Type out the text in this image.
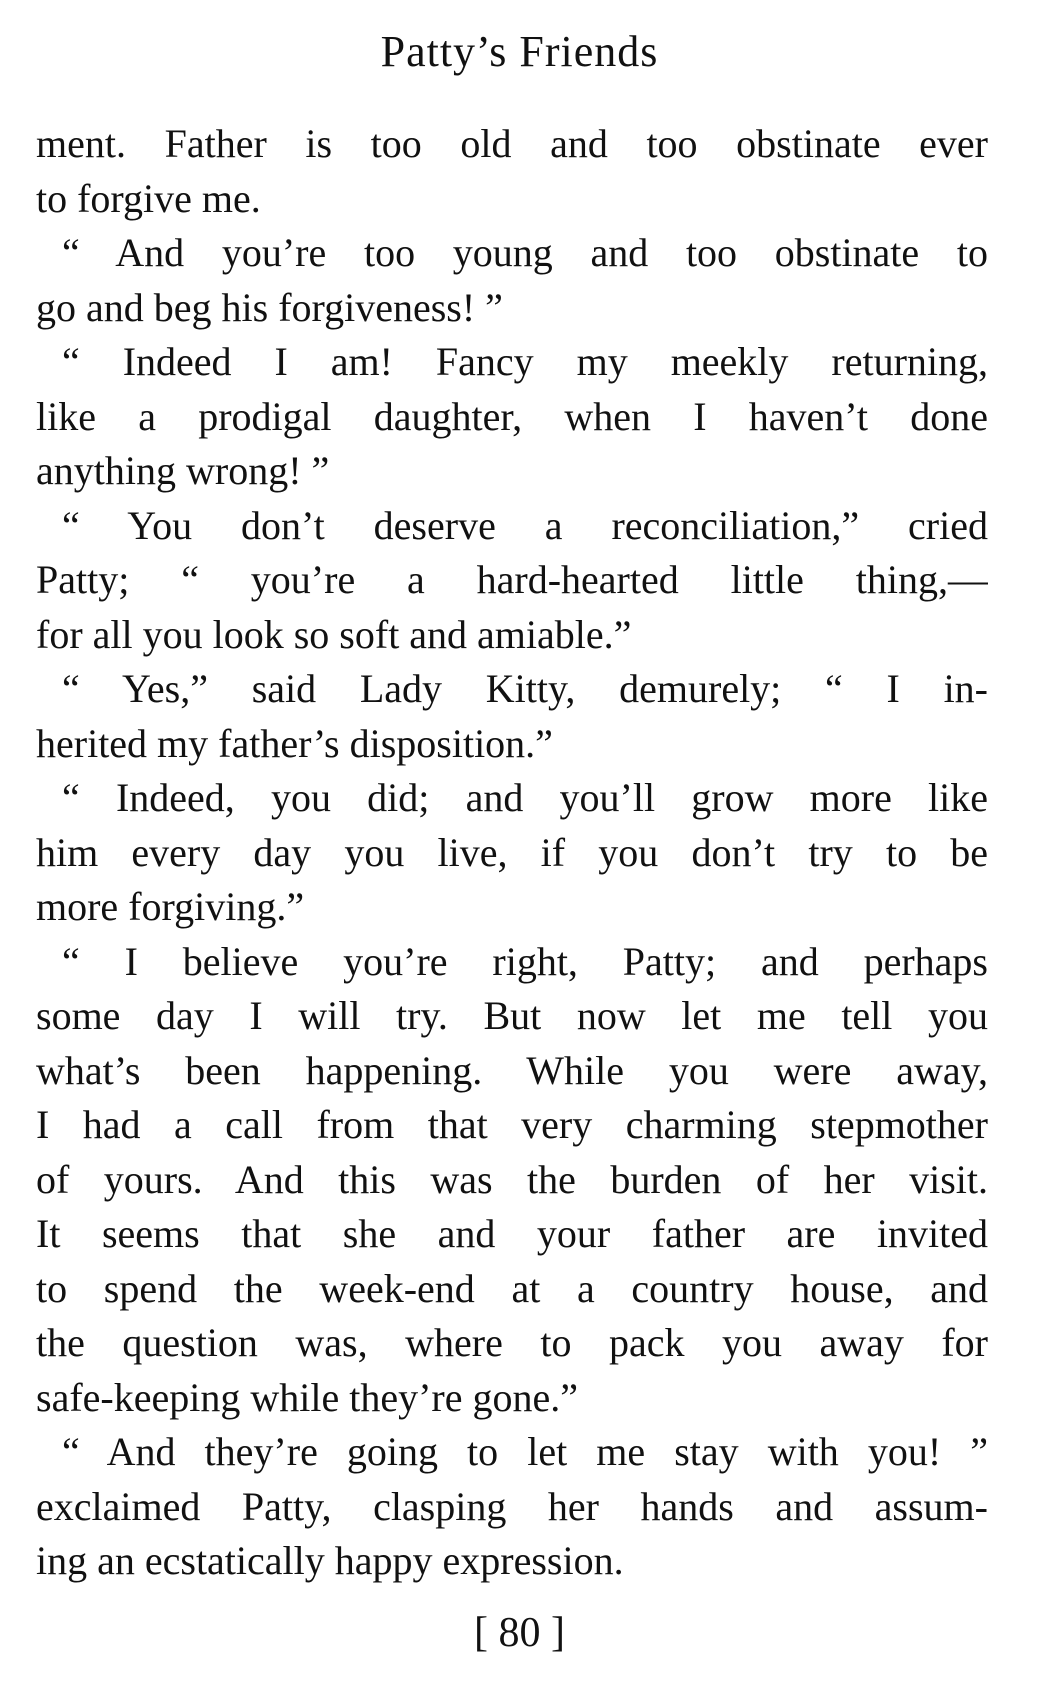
Patty’s Friends
ment. Father is too old and too obstinate ever
to forgive me.
“ And you’re too young and too obstinate to
go and beg his forgiveness! ”
“ Indeed I am! Fancy my meekly returning,
like a prodigal daughter, when I haven’t done
anything wrong! ”
“ You don’t deserve a reconciliation,” cried
Patty; “ you’re a hard-hearted little thing,—
for all you look so soft and amiable.”
“ Yes,” said Lady Kitty, demurely; “ I in-
herited my father’s disposition.”
“ Indeed, you did; and you’ll grow more like
him every day you live, if you don’t try to be
more forgiving.”
“ I believe you’re right, Patty; and perhaps
some day I will try. But now let me tell you
what’s been happening. While you were away,
I had a call from that very charming stepmother
of yours. And this was the burden of her visit.
It seems that she and your father are invited
to spend the week-end at a country house, and
the question was, where to pack you away for
safe-keeping while they’re gone.”
“ And they’re going to let me stay with you! ”
exclaimed Patty, clasping her hands and assum-
ing an ecstatically happy expression.
[ 80 ]
